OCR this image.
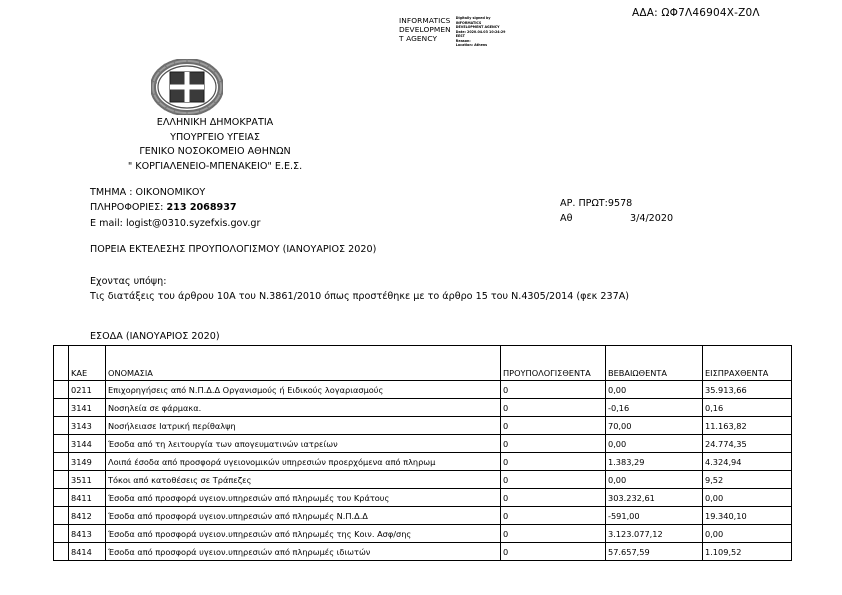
ΑΔΑ: ΩΦ7Λ46904Χ-Ζ0Λ
INFORMATICS
DEVELOPMEN
T AGENCY
Digitally signed by
INFORMATICS
DEVELOPMENT AGENCY
Date: 2020.04.03 10:24:29
EEST
Reason:
Location: Athens
ΕΛΛΗΝΙΚΗ ΔΗΜΟΚΡΑΤΙΑ
ΥΠΟΥΡΓΕΙΟ ΥΓΕΙΑΣ
ΓΕΝΙΚΟ ΝΟΣΟΚΟΜΕΙΟ ΑΘΗΝΩΝ
" ΚΟΡΓΙΑΛΕΝΕΙΟ-ΜΠΕΝΑΚΕΙΟ" Ε.Ε.Σ.
ΤΜΗΜΑ : ΟΙΚΟΝΟΜΙΚΟΥ
ΠΛΗΡΟΦΟΡΙΕΣ: 213 2068937
E mail: logist@0310.syzefxis.gov.gr
ΑΡ. ΠΡΩΤ:9578
Αθ	3/4/2020
ΠΟΡΕΙΑ ΕΚΤΕΛΕΣΗΣ ΠΡΟΥΠΟΛΟΓΙΣΜΟΥ (ΙΑΝΟΥΑΡΙΟΣ 2020)
Εχοντας υπόψη:
Τις διατάξεις του άρθρου 10Α του Ν.3861/2010 όπως προστέθηκε με το άρθρο 15 του Ν.4305/2014 (φεκ 237Α)
ΕΣΟΔΑ (ΙΑΝΟΥΑΡΙΟΣ 2020)
	ΚΑΕ	ΟΝΟΜΑΣΙΑ	ΠΡΟΥΠΟΛΟΓΙΣΘΕΝΤΑ	ΒΕΒΑΙΩΘΕΝΤΑ	ΕΙΣΠΡΑΧΘΕΝΤΑ
	0211	Επιχορηγήσεις από Ν.Π.Δ.Δ Οργανισμούς ή Ειδικούς λογαριασμούς	0	0,00	35.913,66
	3141	Νοσηλεία σε φάρμακα.	0	-0,16	0,16
	3143	Νοσήλειασε Ιατρική περίθαλψη	0	70,00	11.163,82
	3144	Έσοδα από τη λειτουργία των απογευματινών ιατρείων	0	0,00	24.774,35
	3149	Λοιπά έσοδα από προσφορά υγειονομικών υπηρεσιών προερχόμενα από πληρωμ	0	1.383,29	4.324,94
	3511	Τόκοι από κατοθέσεις σε Τράπεζες	0	0,00	9,52
	8411	Έσοδα από προσφορά υγειον.υπηρεσιών από πληρωμές του Κράτους	0	303.232,61	0,00
	8412	Έσοδα από προσφορά υγειον.υπηρεσιών από πληρωμές Ν.Π.Δ.Δ	0	-591,00	19.340,10
	8413	Έσοδα από προσφορά υγειον.υπηρεσιών από πληρωμές της Κοιν. Ασφ/σης	0	3.123.077,12	0,00
	8414	Έσοδα από προσφορά υγειον.υπηρεσιών από πληρωμές ιδιωτών	0	57.657,59	1.109,52
